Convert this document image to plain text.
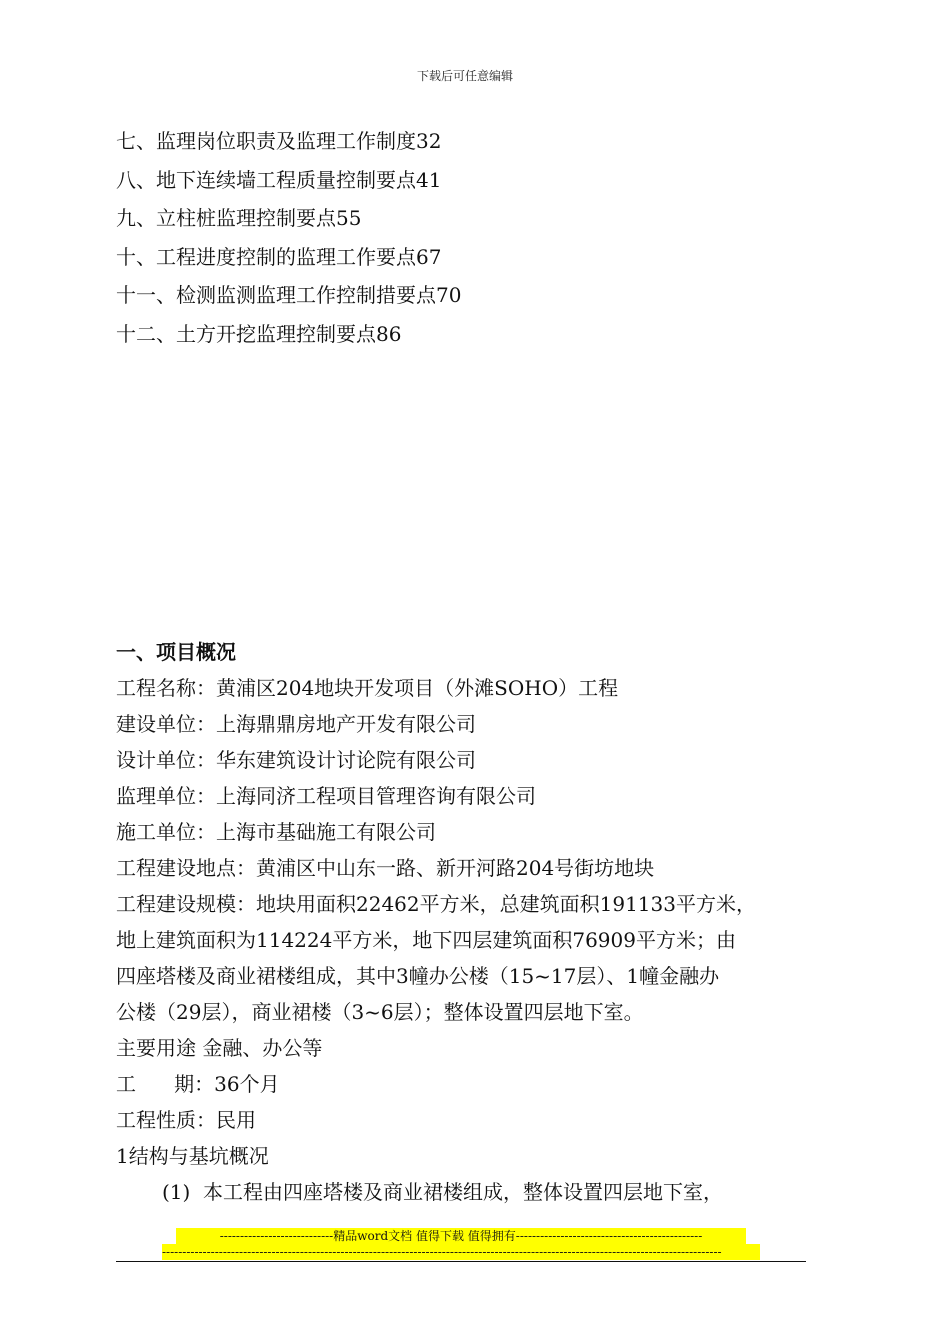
下载后可任意编辑
七、监理岗位职责及监理工作制度32
八、地下连续墙工程质量控制要点41
九、立柱桩监理控制要点55
十、工程进度控制的监理工作要点67
十一、检测监测监理工作控制措要点70
十二、土方开挖监理控制要点86
一、项目概况
工程名称：黄浦区204地块开发项目（外滩SOHO）工程
建设单位：上海鼎鼎房地产开发有限公司
设计单位：华东建筑设计讨论院有限公司
监理单位：上海同济工程项目管理咨询有限公司
施工单位：上海市基础施工有限公司
工程建设地点：黄浦区中山东一路、新开河路204号街坊地块
工程建设规模：地块用面积22462平方米，总建筑面积191133平方米，
地上建筑面积为114224平方米，地下四层建筑面积76909平方米；由
四座塔楼及商业裙楼组成，其中3幢办公楼（15~17层）、1幢金融办
公楼（29层），商业裙楼（3~6层）；整体设置四层地下室。
主要用途 金融、办公等
工      期：36个月
工程性质：民用
1结构与基坑概况
(1)  本工程由四座塔楼及商业裙楼组成，整体设置四层地下室，
----------------------------精品word文档 值得下载 值得拥有----------------------------------------------
------------------------------------------------------------------------------------------------------------------------------------------
